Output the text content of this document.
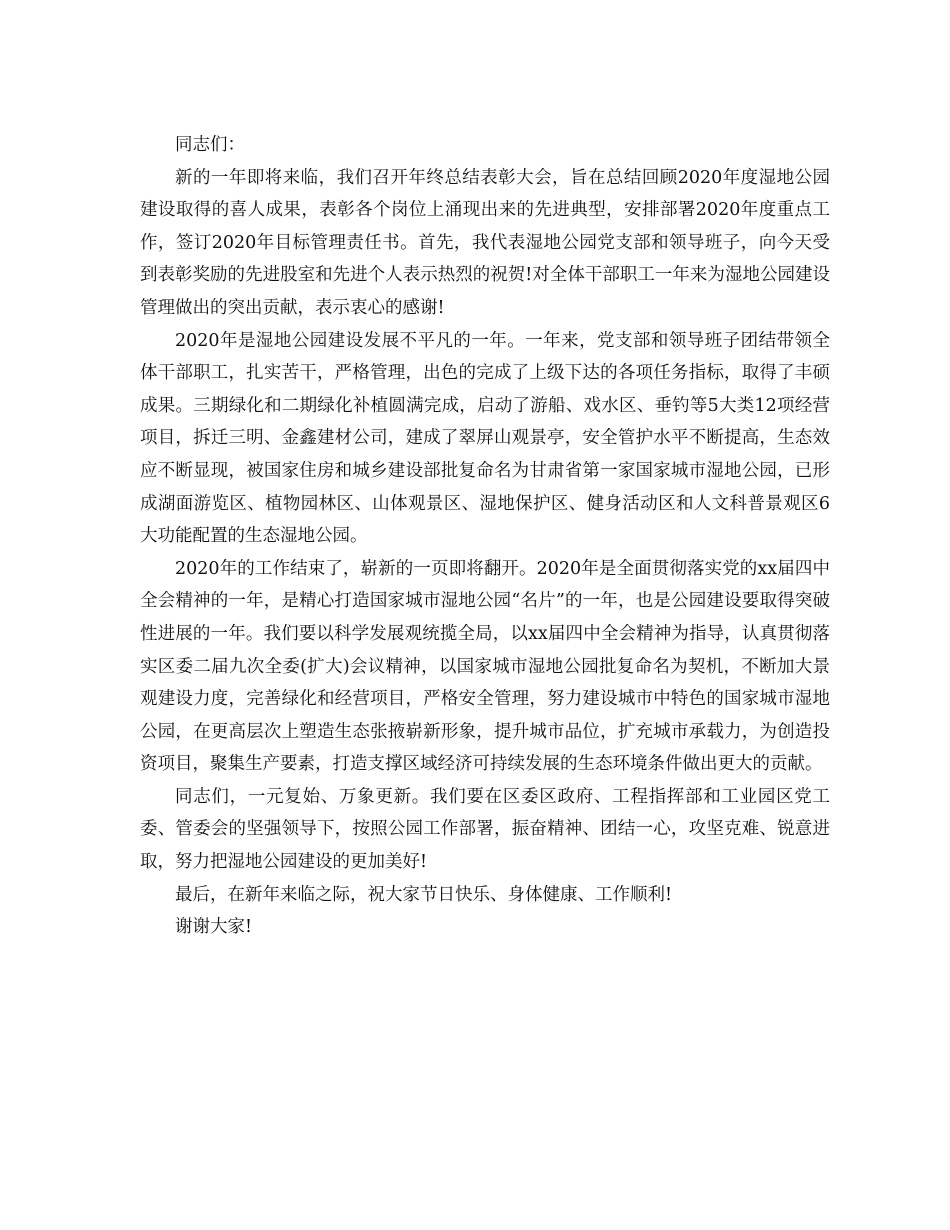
同志们：

新的一年即将来临，我们召开年终总结表彰大会，旨在总结回顾2020年度湿地公园建设取得的喜人成果，表彰各个岗位上涌现出来的先进典型，安排部署2020年度重点工作，签订2020年目标管理责任书。首先，我代表湿地公园党支部和领导班子，向今天受到表彰奖励的先进股室和先进个人表示热烈的祝贺!对全体干部职工一年来为湿地公园建设管理做出的突出贡献，表示衷心的感谢!

2020年是湿地公园建设发展不平凡的一年。一年来，党支部和领导班子团结带领全体干部职工，扎实苦干，严格管理，出色的完成了上级下达的各项任务指标，取得了丰硕成果。三期绿化和二期绿化补植圆满完成，启动了游船、戏水区、垂钓等5大类12项经营项目，拆迁三明、金鑫建材公司，建成了翠屏山观景亭，安全管护水平不断提高，生态效应不断显现，被国家住房和城乡建设部批复命名为甘肃省第一家国家城市湿地公园，已形成湖面游览区、植物园林区、山体观景区、湿地保护区、健身活动区和人文科普景观区6大功能配置的生态湿地公园。

2020年的工作结束了，崭新的一页即将翻开。2020年是全面贯彻落实党的xx届四中全会精神的一年，是精心打造国家城市湿地公园“名片”的一年，也是公园建设要取得突破性进展的一年。我们要以科学发展观统揽全局，以xx届四中全会精神为指导，认真贯彻落实区委二届九次全委(扩大)会议精神，以国家城市湿地公园批复命名为契机，不断加大景观建设力度，完善绿化和经营项目，严格安全管理，努力建设城市中特色的国家城市湿地公园，在更高层次上塑造生态张掖崭新形象，提升城市品位，扩充城市承载力，为创造投资项目，聚集生产要素，打造支撑区域经济可持续发展的生态环境条件做出更大的贡献。

同志们，一元复始、万象更新。我们要在区委区政府、工程指挥部和工业园区党工委、管委会的坚强领导下，按照公园工作部署，振奋精神、团结一心，攻坚克难、锐意进取，努力把湿地公园建设的更加美好!

最后，在新年来临之际，祝大家节日快乐、身体健康、工作顺利!

谢谢大家!
